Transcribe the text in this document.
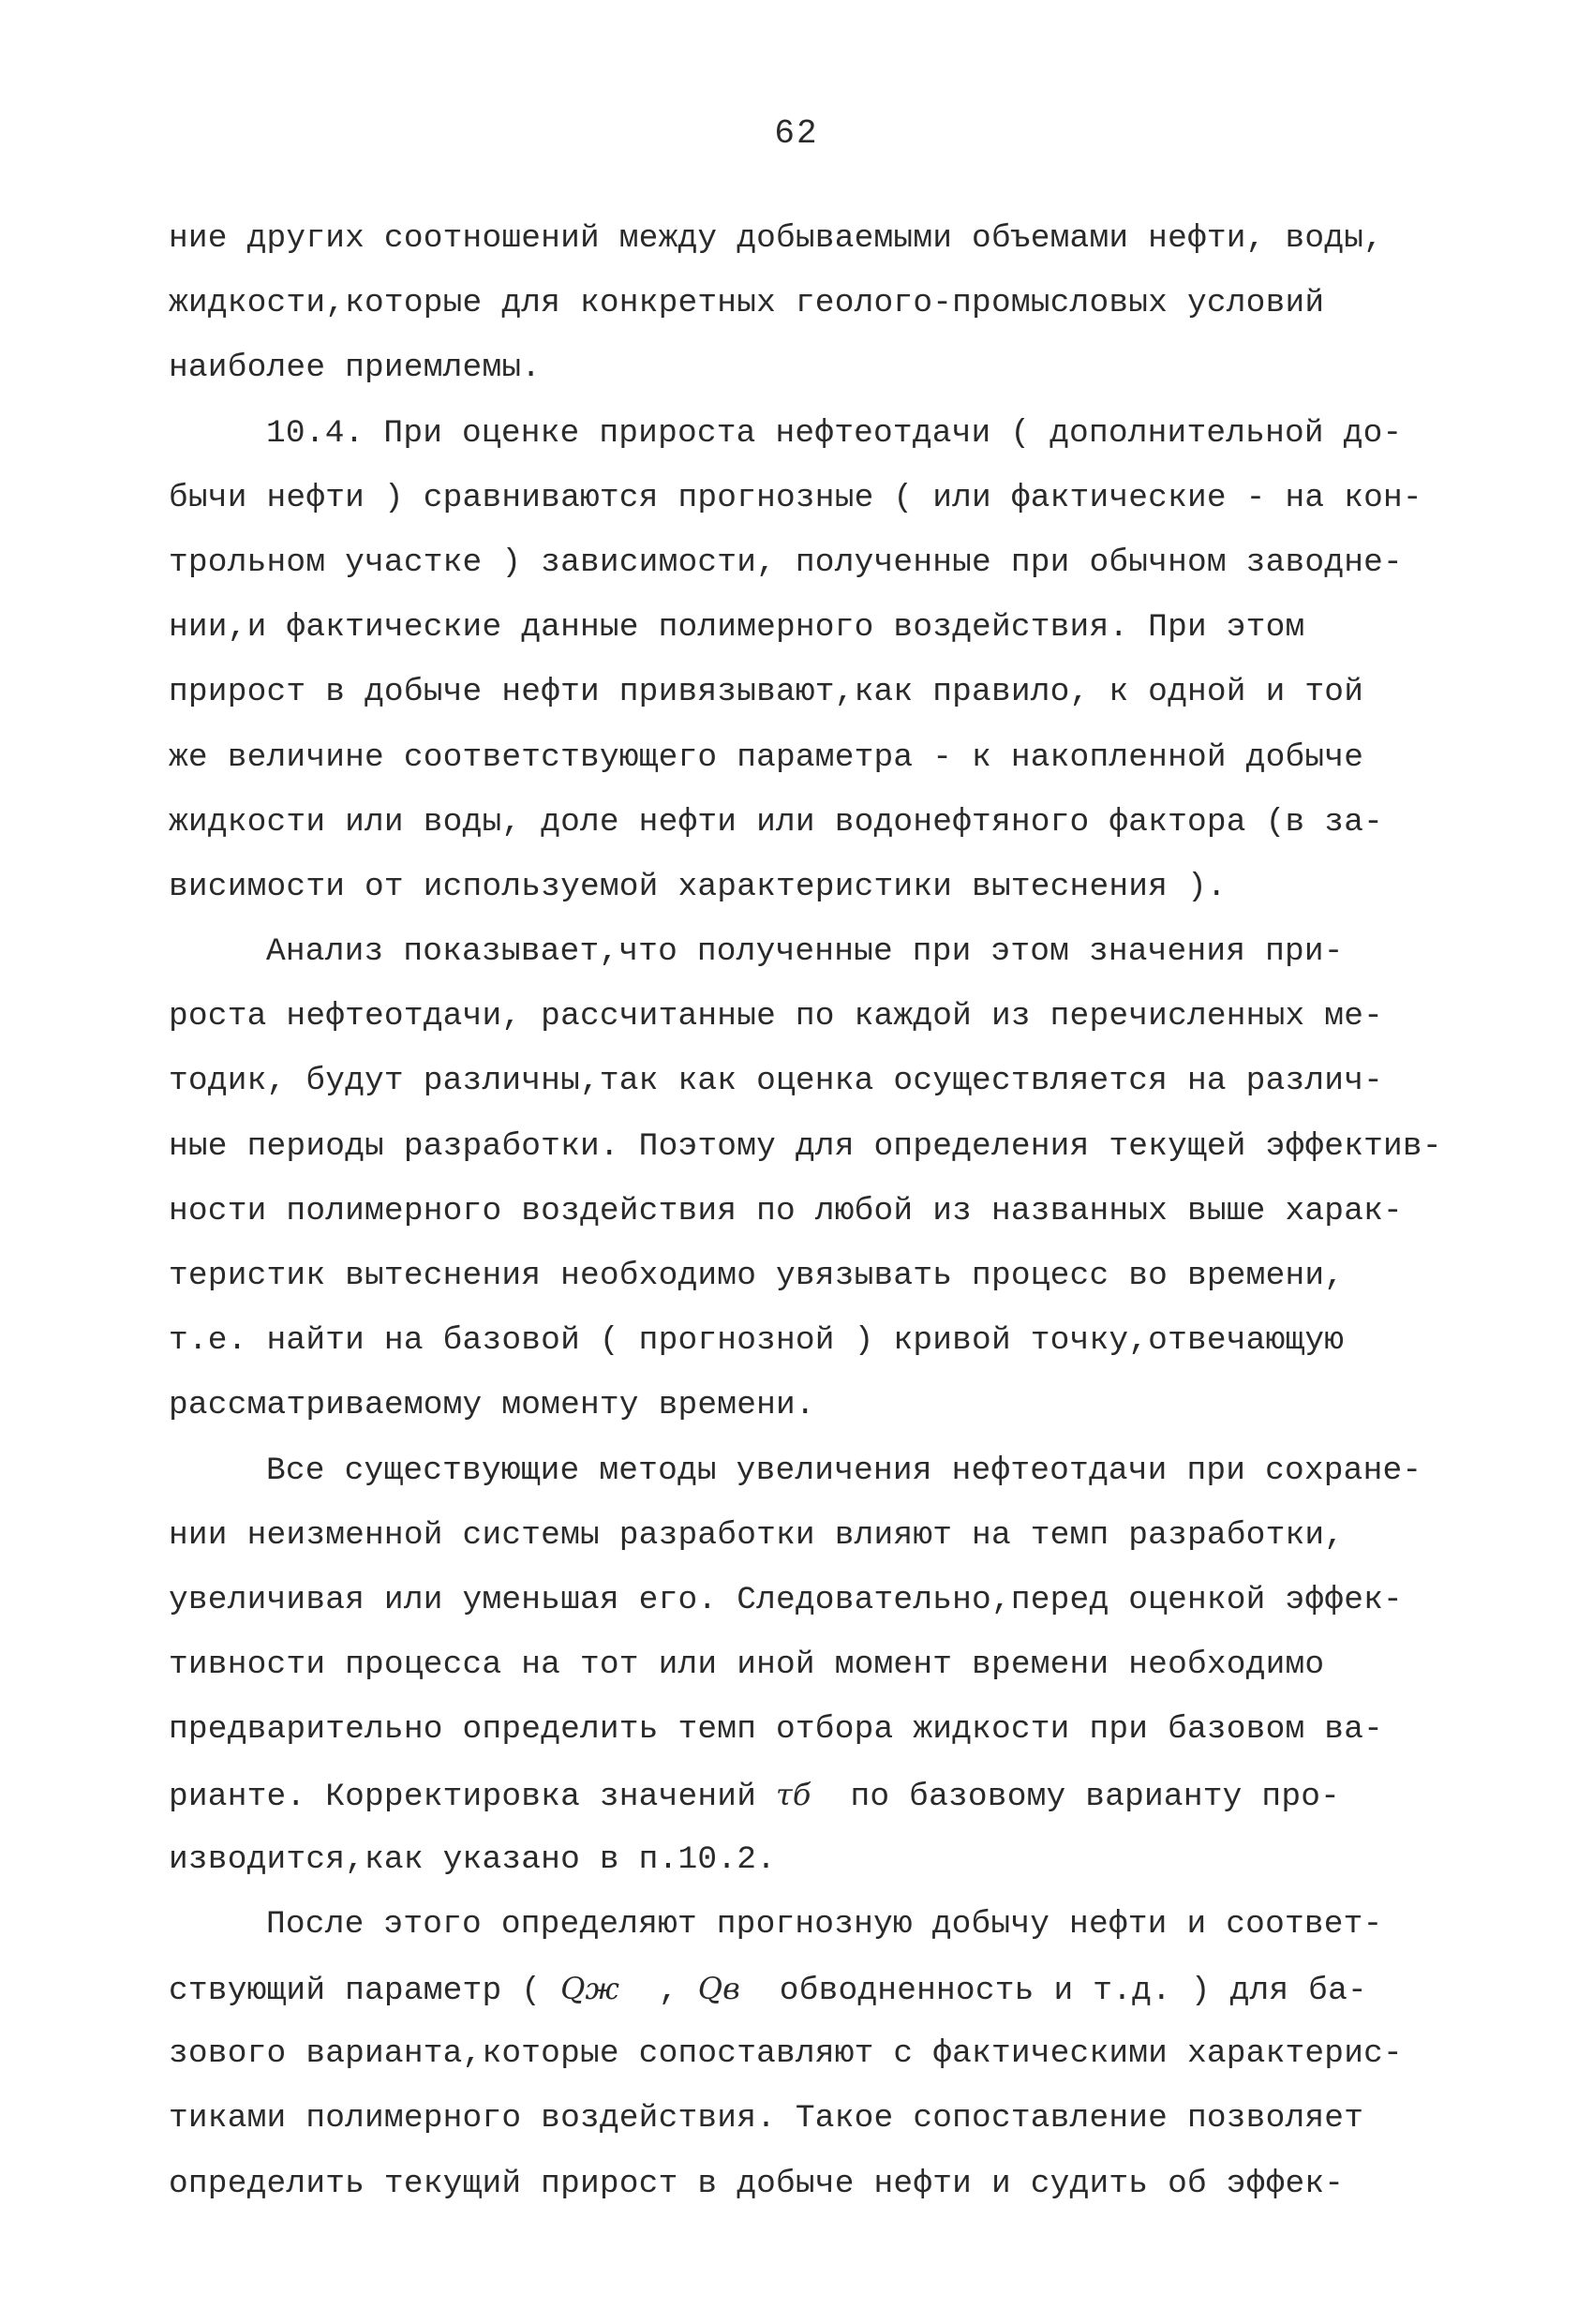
62
ние других соотношений между добываемыми объемами нефти, воды,
жидкости,которые для конкретных геолого-промысловых условий
наиболее приемлемы.
10.4. При оценке прироста нефтеотдачи ( дополнительной до-
бычи нефти ) сравниваются прогнозные ( или фактические - на кон-
трольном участке ) зависимости, полученные при обычном заводне-
нии,и фактические данные полимерного воздействия. При этом
прирост в добыче нефти привязывают,как правило, к одной и той
же величине соответствующего параметра - к накопленной добыче
жидкости или воды, доле нефти или водонефтяного фактора (в за-
висимости от используемой характеристики вытеснения ).
Анализ показывает,что полученные при этом значения при-
роста нефтеотдачи, рассчитанные по каждой из перечисленных ме-
тодик, будут различны,так как оценка осуществляется на различ-
ные периоды разработки. Поэтому для определения текущей эффектив-
ности полимерного воздействия по любой из названных выше харак-
теристик вытеснения необходимо увязывать процесс во времени,
т.е. найти на базовой ( прогнозной ) кривой точку,отвечающую
рассматриваемому моменту времени.
Все существующие методы увеличения нефтеотдачи при сохране-
нии неизменной системы разработки влияют на темп разработки,
увеличивая или уменьшая его. Следовательно,перед оценкой эффек-
тивности процесса на тот или иной момент времени необходимо
предварительно определить темп отбора жидкости при базовом ва-
рианте. Корректировка значений τб  по базовому варианту про-
изводится,как указано в п.10.2.
После этого определяют прогнозную добычу нефти и соответ-
ствующий параметр ( Qж  , Qв  обводненность и т.д. ) для ба-
зового варианта,которые сопоставляют с фактическими характерис-
тиками полимерного воздействия. Такое сопоставление позволяет
определить текущий прирост в добыче нефти и судить об эффек-
